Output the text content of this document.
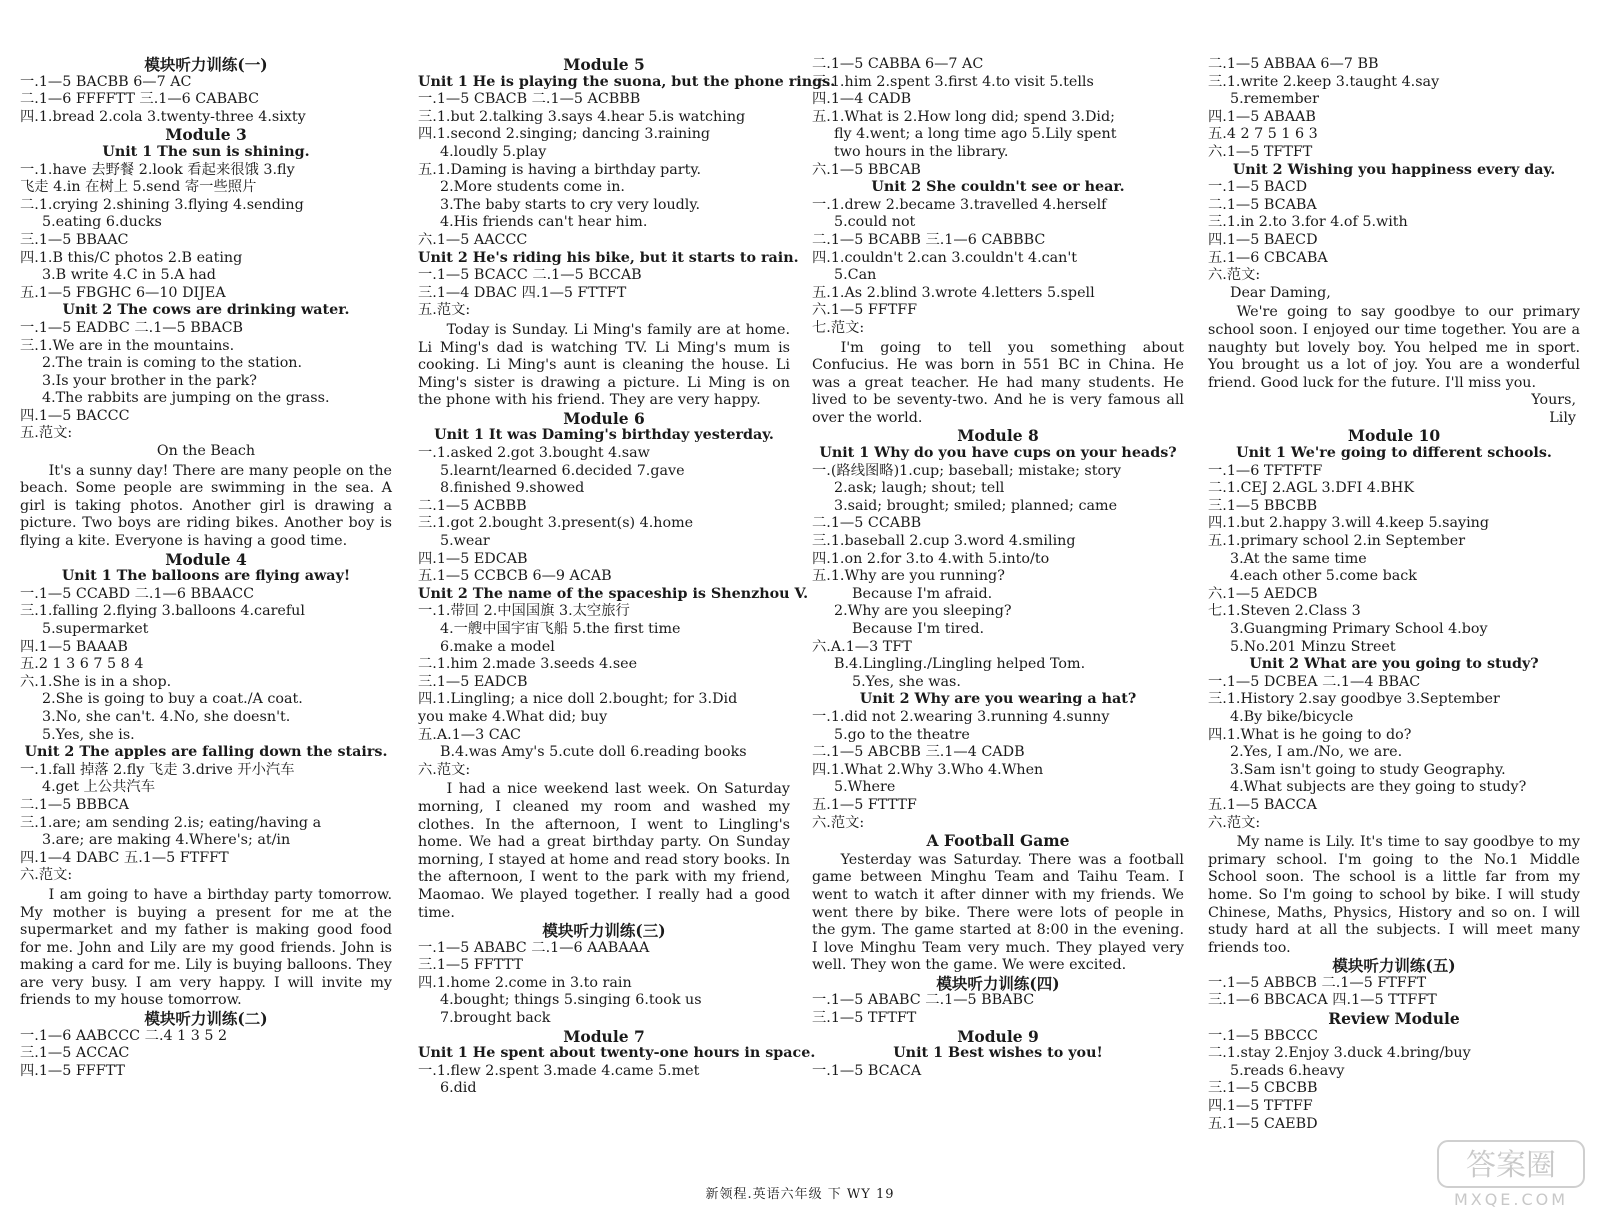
模块听力训练(一)
一.1—5 BACBB 6—7 AC
二.1—6 FFFFTT 三.1—6 CABABC
四.1.bread 2.cola 3.twenty-three 4.sixty
Module 3
Unit 1 The sun is shining.
一.1.have 去野餐 2.look 看起来很饿 3.fly
飞走 4.in 在树上 5.send 寄一些照片
二.1.crying 2.shining 3.flying 4.sending
5.eating 6.ducks
三.1—5 BBAAC
四.1.B this/C photos 2.B eating
3.B write 4.C in 5.A had
五.1—5 FBGHC 6—10 DIJEA
Unit 2 The cows are drinking water.
一.1—5 EADBC 二.1—5 BBACB
三.1.We are in the mountains.
2.The train is coming to the station.
3.Is your brother in the park?
4.The rabbits are jumping on the grass.
四.1—5 BACCC
五.范文:
On the Beach
It's a sunny day! There are many people on the beach. Some people are swimming in the sea. A girl is taking photos. Another girl is drawing a picture. Two boys are riding bikes. Another boy is flying a kite. Everyone is having a good time.
Module 4
Unit 1 The balloons are flying away!
一.1—5 CCABD 二.1—6 BBAACC
三.1.falling 2.flying 3.balloons 4.careful
5.supermarket
四.1—5 BAAAB
五.2 1 3 6 7 5 8 4
六.1.She is in a shop.
2.She is going to buy a coat./A coat.
3.No, she can't. 4.No, she doesn't.
5.Yes, she is.
Unit 2 The apples are falling down the stairs.
一.1.fall 掉落 2.fly 飞走 3.drive 开小汽车
4.get 上公共汽车
二.1—5 BBBCA
三.1.are; am sending 2.is; eating/having a
3.are; are making 4.Where's; at/in
四.1—4 DABC 五.1—5 FTFFT
六.范文:
I am going to have a birthday party tomorrow. My mother is buying a present for me at the supermarket and my father is making good food for me. John and Lily are my good friends. John is making a card for me. Lily is buying balloons. They are very busy. I am very happy. I will invite my friends to my house tomorrow.
模块听力训练(二)
一.1—6 AABCCC 二.4 1 3 5 2
三.1—5 ACCAC
四.1—5 FFFTT
Module 5
Unit 1 He is playing the suona, but the phone rings.
一.1—5 CBACB 二.1—5 ACBBB
三.1.but 2.talking 3.says 4.hear 5.is watching
四.1.second 2.singing; dancing 3.raining
4.loudly 5.play
五.1.Daming is having a birthday party.
2.More students come in.
3.The baby starts to cry very loudly.
4.His friends can't hear him.
六.1—5 AACCC
Unit 2 He's riding his bike, but it starts to rain.
一.1—5 BCACC 二.1—5 BCCAB
三.1—4 DBAC 四.1—5 FTTFT
五.范文:
Today is Sunday. Li Ming's family are at home. Li Ming's dad is watching TV. Li Ming's mum is cooking. Li Ming's aunt is cleaning the house. Li Ming's sister is drawing a picture. Li Ming is on the phone with his friend. They are very happy.
Module 6
Unit 1 It was Daming's birthday yesterday.
一.1.asked 2.got 3.bought 4.saw
5.learnt/learned 6.decided 7.gave
8.finished 9.showed
二.1—5 ACBBB
三.1.got 2.bought 3.present(s) 4.home
5.wear
四.1—5 EDCAB
五.1—5 CCBCB 6—9 ACAB
Unit 2 The name of the spaceship is Shenzhou V.
一.1.带回 2.中国国旗 3.太空旅行
4.一艘中国宇宙飞船 5.the first time
6.make a model
二.1.him 2.made 3.seeds 4.see
三.1—5 EADCB
四.1.Lingling; a nice doll 2.bought; for 3.Did
you make 4.What did; buy
五.A.1—3 CAC
B.4.was Amy's 5.cute doll 6.reading books
六.范文:
I had a nice weekend last week. On Saturday morning, I cleaned my room and washed my clothes. In the afternoon, I went to Lingling's home. We had a great birthday party. On Sunday morning, I stayed at home and read story books. In the afternoon, I went to the park with my friend, Maomao. We played together. I really had a good time.
模块听力训练(三)
一.1—5 ABABC 二.1—6 AABAAA
三.1—5 FFTTT
四.1.home 2.come in 3.to rain
4.bought; things 5.singing 6.took us
7.brought back
Module 7
Unit 1 He spent about twenty-one hours in space.
一.1.flew 2.spent 3.made 4.came 5.met
6.did
二.1—5 CABBA 6—7 AC
三.1.him 2.spent 3.first 4.to visit 5.tells
四.1—4 CADB
五.1.What is 2.How long did; spend 3.Did;
fly 4.went; a long time ago 5.Lily spent
two hours in the library.
六.1—5 BBCAB
Unit 2 She couldn't see or hear.
一.1.drew 2.became 3.travelled 4.herself
5.could not
二.1—5 BCABB 三.1—6 CABBBC
四.1.couldn't 2.can 3.couldn't 4.can't
5.Can
五.1.As 2.blind 3.wrote 4.letters 5.spell
六.1—5 FFTFF
七.范文:
I'm going to tell you something about Confucius. He was born in 551 BC in China. He was a great teacher. He had many students. He lived to be seventy-two. And he is very famous all over the world.
Module 8
Unit 1 Why do you have cups on your heads?
一.(路线图略)1.cup; baseball; mistake; story
2.ask; laugh; shout; tell
3.said; brought; smiled; planned; came
二.1—5 CCABB
三.1.baseball 2.cup 3.word 4.smiling
四.1.on 2.for 3.to 4.with 5.into/to
五.1.Why are you running?
Because I'm afraid.
2.Why are you sleeping?
Because I'm tired.
六.A.1—3 TFT
B.4.Lingling./Lingling helped Tom.
5.Yes, she was.
Unit 2 Why are you wearing a hat?
一.1.did not 2.wearing 3.running 4.sunny
5.go to the theatre
二.1—5 ABCBB 三.1—4 CADB
四.1.What 2.Why 3.Who 4.When
5.Where
五.1—5 FTTTF
六.范文:
A Football Game
Yesterday was Saturday. There was a football game between Minghu Team and Taihu Team. I went to watch it after dinner with my friends. We went there by bike. There were lots of people in the gym. The game started at 8:00 in the evening. I love Minghu Team very much. They played very well. They won the game. We were excited.
模块听力训练(四)
一.1—5 ABABC 二.1—5 BBABC
三.1—5 TFTFT
Module 9
Unit 1 Best wishes to you!
一.1—5 BCACA
二.1—5 ABBAA 6—7 BB
三.1.write 2.keep 3.taught 4.say
5.remember
四.1—5 ABAAB
五.4 2 7 5 1 6 3
六.1—5 TFTFT
Unit 2 Wishing you happiness every day.
一.1—5 BACD
二.1—5 BCABA
三.1.in 2.to 3.for 4.of 5.with
四.1—5 BAECD
五.1—6 CBCABA
六.范文:
Dear Daming,
We're going to say goodbye to our primary school soon. I enjoyed our time together. You are a naughty but lovely boy. You helped me in sport. You brought us a lot of joy. You are a wonderful friend. Good luck for the future. I'll miss you.
Yours,
Lily
Module 10
Unit 1 We're going to different schools.
一.1—6 TFTFTF
二.1.CEJ 2.AGL 3.DFI 4.BHK
三.1—5 BBCBB
四.1.but 2.happy 3.will 4.keep 5.saying
五.1.primary school 2.in September
3.At the same time
4.each other 5.come back
六.1—5 AEDCB
七.1.Steven 2.Class 3
3.Guangming Primary School 4.boy
5.No.201 Minzu Street
Unit 2 What are you going to study?
一.1—5 DCBEA 二.1—4 BBAC
三.1.History 2.say goodbye 3.September
4.By bike/bicycle
四.1.What is he going to do?
2.Yes, I am./No, we are.
3.Sam isn't going to study Geography.
4.What subjects are they going to study?
五.1—5 BACCA
六.范文:
My name is Lily. It's time to say goodbye to my primary school. I'm going to the No.1 Middle School soon. The school is a little far from my home. So I'm going to school by bike. I will study Chinese, Maths, Physics, History and so on. I will study hard at all the subjects. I will meet many friends too.
模块听力训练(五)
一.1—5 ABBCB 二.1—5 FTFFT
三.1—6 BBCACA 四.1—5 TTFFT
Review Module
一.1—5 BBCCC
二.1.stay 2.Enjoy 3.duck 4.bring/buy
5.reads 6.heavy
三.1—5 CBCBB
四.1—5 TFTFF
五.1—5 CAEBD
新领程.英语六年级 下 WY 19
答案圈
MXQE.COM
